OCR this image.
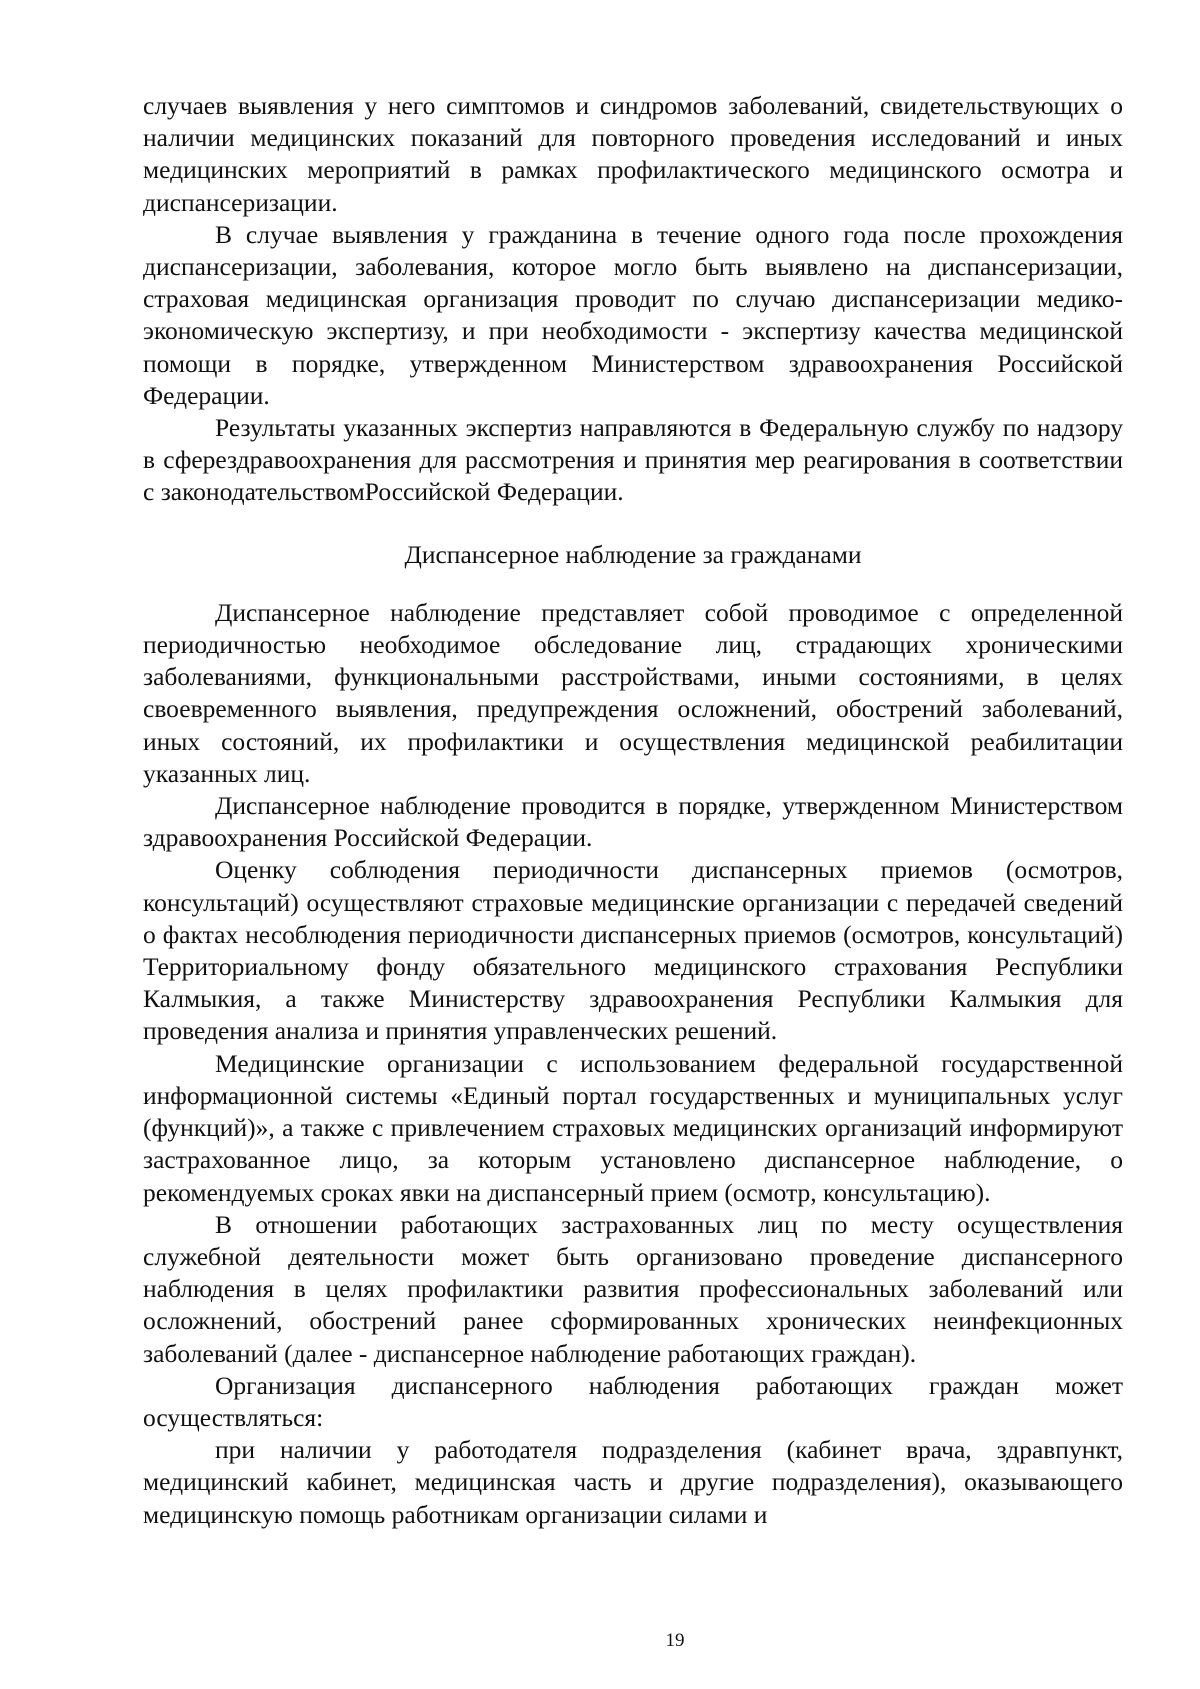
случаев выявления у него симптомов и синдромов заболеваний, свидетельствующих о наличии медицинских показаний для повторного проведения исследований и иных медицинских мероприятий в рамках профилактического медицинского осмотра и диспансеризации.

В случае выявления у гражданина в течение одного года после прохождения диспансеризации, заболевания, которое могло быть выявлено на диспансеризации, страховая медицинская организация проводит по случаю диспансеризации медико-экономическую экспертизу, и при необходимости - экспертизу качества медицинской помощи в порядке, утвержденном Министерством здравоохранения Российской Федерации.

Результаты указанных экспертиз направляются в Федеральную службу по надзору в сферездравоохранения для рассмотрения и принятия мер реагирования в соответствии с законодательствомРоссийской Федерации.

Диспансерное наблюдение за гражданами

Диспансерное наблюдение представляет собой проводимое с определенной периодичностью необходимое обследование лиц, страдающих хроническими заболеваниями, функциональными расстройствами, иными состояниями, в целях своевременного выявления, предупреждения осложнений, обострений заболеваний, иных состояний, их профилактики и осуществления медицинской реабилитации указанных лиц.

Диспансерное наблюдение проводится в порядке, утвержденном Министерством здравоохранения Российской Федерации.

Оценку соблюдения периодичности диспансерных приемов (осмотров, консультаций) осуществляют страховые медицинские организации с передачей сведений о фактах несоблюдения периодичности диспансерных приемов (осмотров, консультаций) Территориальному фонду обязательного медицинского страхования Республики Калмыкия, а также Министерству здравоохранения Республики Калмыкия для проведения анализа и принятия управленческих решений.

Медицинские организации с использованием федеральной государственной информационной системы «Единый портал государственных и муниципальных услуг (функций)», а также с привлечением страховых медицинских организаций информируют застрахованное лицо, за которым установлено диспансерное наблюдение, о рекомендуемых сроках явки на диспансерный прием (осмотр, консультацию).

В отношении работающих застрахованных лиц по месту осуществления служебной деятельности может быть организовано проведение диспансерного наблюдения в целях профилактики развития профессиональных заболеваний или осложнений, обострений ранее сформированных хронических неинфекционных заболеваний (далее - диспансерное наблюдение работающих граждан).

Организация диспансерного наблюдения работающих граждан может осуществляться:

при наличии у работодателя подразделения (кабинет врача, здравпункт, медицинский кабинет, медицинская часть и другие подразделения), оказывающего медицинскую помощь работникам организации силами и

19
